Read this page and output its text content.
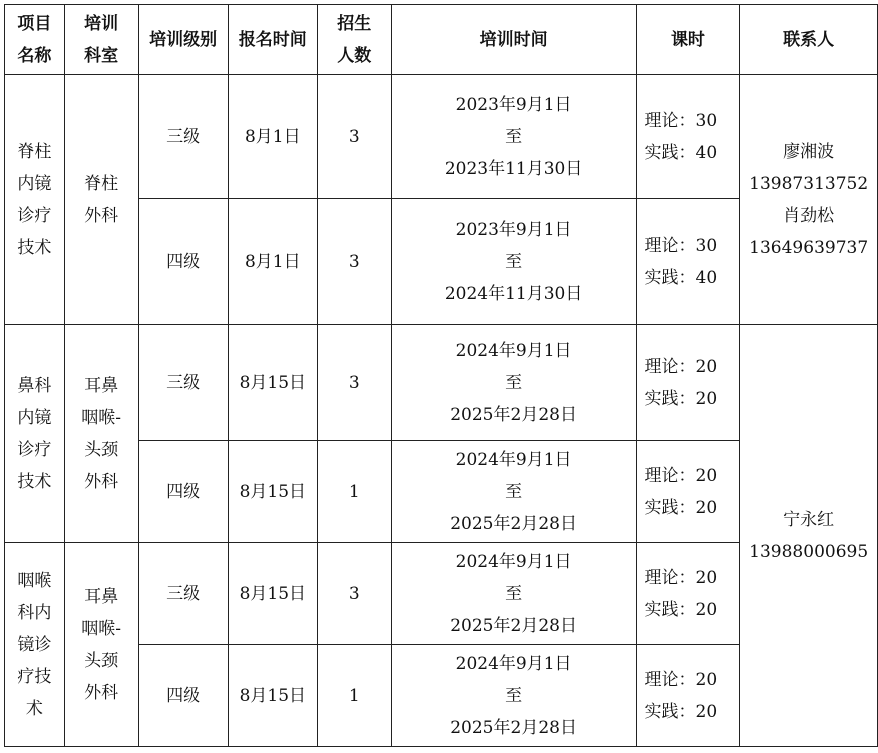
项目名称	培训科室	培训级别	报名时间	招生人数	培训时间	课时	联系人
脊柱内镜诊疗技术	脊柱外科	三级	8月1日	3	2023年9月1日
至
2023年11月30日	理论：30
实践：40	廖湘波
13987313752
肖劲松
13649639737

		四级	8月1日	3	2023年9月1日
至
2024年11月30日	理论：30
实践：40	

鼻科内镜诊疗技术	耳鼻咽喉-头颈外科	三级	8月15日	3	2024年9月1日
至
2025年2月28日	理论：20
实践：20	宁永红
13988000695

		四级	8月15日	1	2024年9月1日
至
2025年2月28日	理论：20
实践：20	

咽喉科内镜诊疗技术	耳鼻咽喉-头颈外科	三级	8月15日	3	2024年9月1日
至
2025年2月28日	理论：20
实践：20	

		四级	8月15日	1	2024年9月1日
至
2025年2月28日	理论：20
实践：20	
